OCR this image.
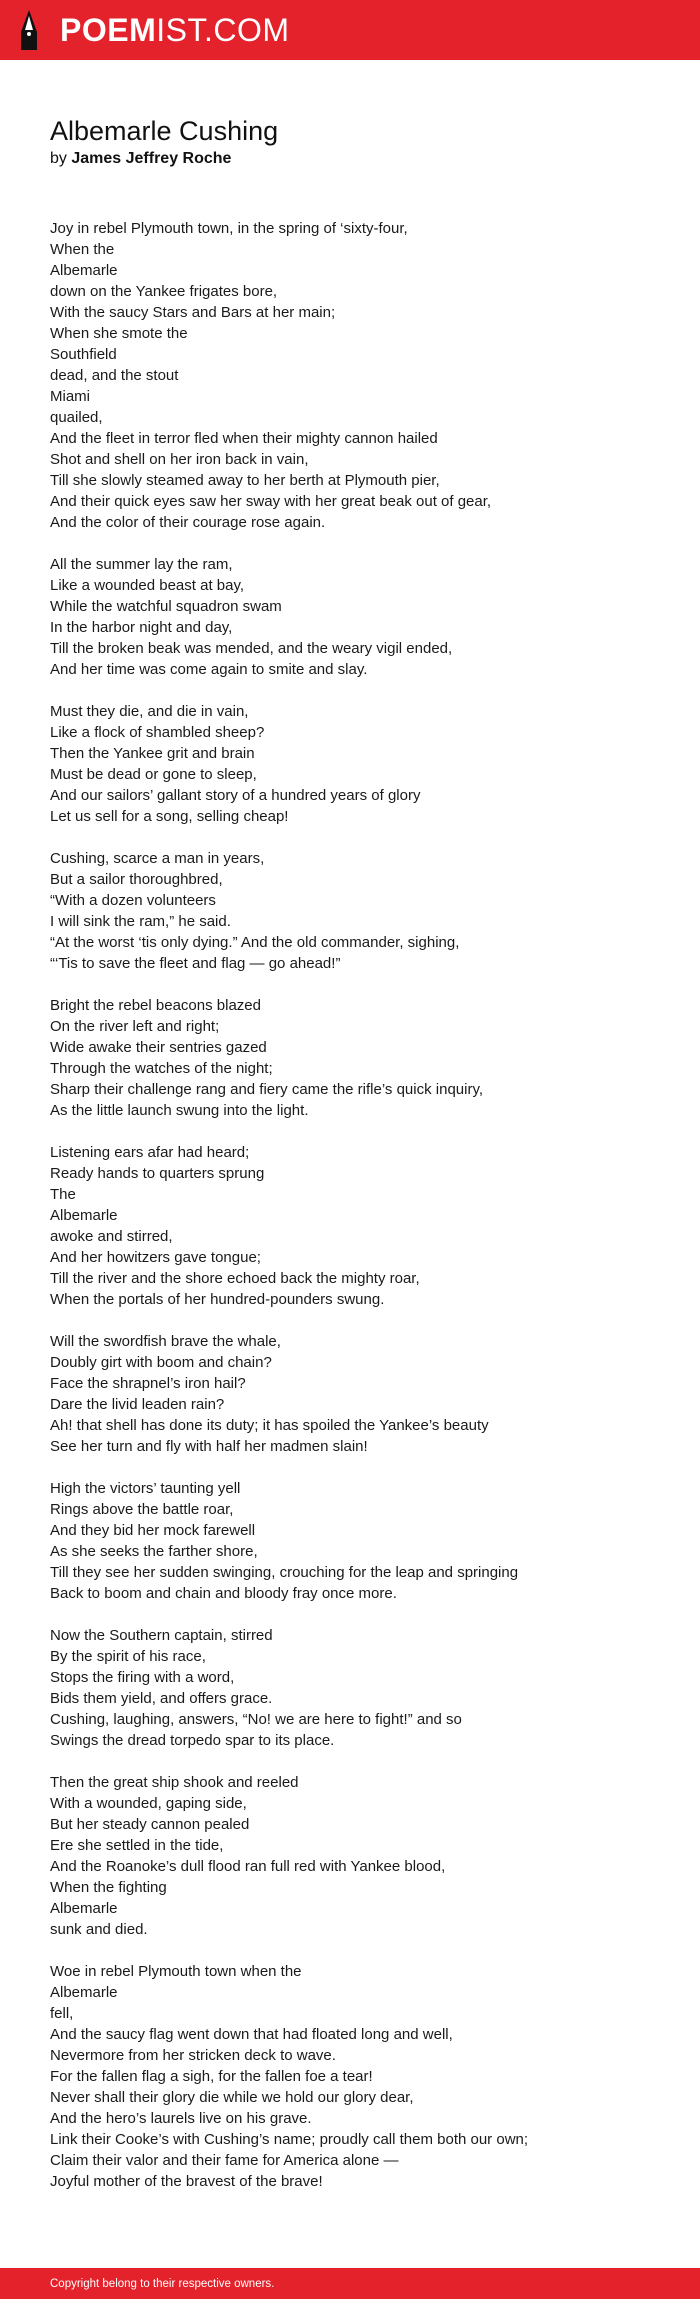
POEMIST.COM
Albemarle Cushing
by James Jeffrey Roche
Joy in rebel Plymouth town, in the spring of ‘sixty-four,
When the
Albemarle
down on the Yankee frigates bore,
With the saucy Stars and Bars at her main;
When she smote the
Southfield
dead, and the stout
Miami
quailed,
And the fleet in terror fled when their mighty cannon hailed
Shot and shell on her iron back in vain,
Till she slowly steamed away to her berth at Plymouth pier,
And their quick eyes saw her sway with her great beak out of gear,
And the color of their courage rose again.
All the summer lay the ram,
Like a wounded beast at bay,
While the watchful squadron swam
In the harbor night and day,
Till the broken beak was mended, and the weary vigil ended,
And her time was come again to smite and slay.
Must they die, and die in vain,
Like a flock of shambled sheep?
Then the Yankee grit and brain
Must be dead or gone to sleep,
And our sailors’ gallant story of a hundred years of glory
Let us sell for a song, selling cheap!
Cushing, scarce a man in years,
But a sailor thoroughbred,
“With a dozen volunteers
I will sink the ram,” he said.
“At the worst ‘tis only dying.” And the old commander, sighing,
“‘Tis to save the fleet and flag — go ahead!”
Bright the rebel beacons blazed
On the river left and right;
Wide awake their sentries gazed
Through the watches of the night;
Sharp their challenge rang and fiery came the rifle’s quick inquiry,
As the little launch swung into the light.
Listening ears afar had heard;
Ready hands to quarters sprung
The
Albemarle
awoke and stirred,
And her howitzers gave tongue;
Till the river and the shore echoed back the mighty roar,
When the portals of her hundred-pounders swung.
Will the swordfish brave the whale,
Doubly girt with boom and chain?
Face the shrapnel’s iron hail?
Dare the livid leaden rain?
Ah! that shell has done its duty; it has spoiled the Yankee’s beauty
See her turn and fly with half her madmen slain!
High the victors’ taunting yell
Rings above the battle roar,
And they bid her mock farewell
As she seeks the farther shore,
Till they see her sudden swinging, crouching for the leap and springing
Back to boom and chain and bloody fray once more.
Now the Southern captain, stirred
By the spirit of his race,
Stops the firing with a word,
Bids them yield, and offers grace.
Cushing, laughing, answers, “No! we are here to fight!” and so
Swings the dread torpedo spar to its place.
Then the great ship shook and reeled
With a wounded, gaping side,
But her steady cannon pealed
Ere she settled in the tide,
And the Roanoke’s dull flood ran full red with Yankee blood,
When the fighting
Albemarle
sunk and died.
Woe in rebel Plymouth town when the
Albemarle
fell,
And the saucy flag went down that had floated long and well,
Nevermore from her stricken deck to wave.
For the fallen flag a sigh, for the fallen foe a tear!
Never shall their glory die while we hold our glory dear,
And the hero’s laurels live on his grave.
Link their Cooke’s with Cushing’s name; proudly call them both our own;
Claim their valor and their fame for America alone —
Joyful mother of the bravest of the brave!
Copyright belong to their respective owners.
